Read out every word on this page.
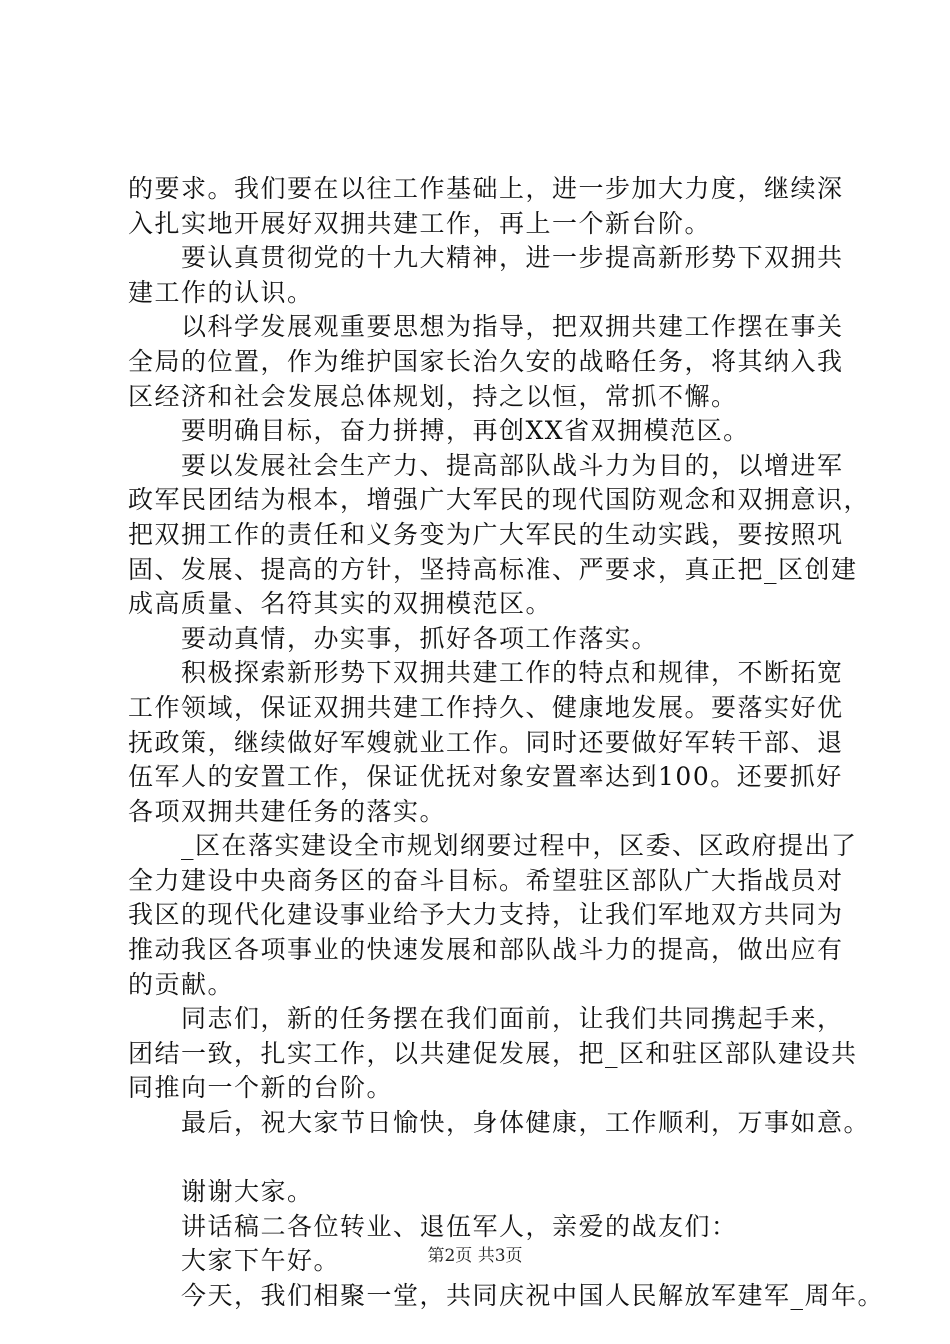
的要求。我们要在以往工作基础上，进一步加大力度，继续深
入扎实地开展好双拥共建工作，再上一个新台阶。
要认真贯彻党的十九大精神，进一步提高新形势下双拥共
建工作的认识。
以科学发展观重要思想为指导，把双拥共建工作摆在事关
全局的位置，作为维护国家长治久安的战略任务，将其纳入我
区经济和社会发展总体规划，持之以恒，常抓不懈。
要明确目标，奋力拼搏，再创XX省双拥模范区。
要以发展社会生产力、提高部队战斗力为目的，以增进军
政军民团结为根本，增强广大军民的现代国防观念和双拥意识，
把双拥工作的责任和义务变为广大军民的生动实践，要按照巩
固、发展、提高的方针，坚持高标准、严要求，真正把_区创建
成高质量、名符其实的双拥模范区。
要动真情，办实事，抓好各项工作落实。
积极探索新形势下双拥共建工作的特点和规律，不断拓宽
工作领域，保证双拥共建工作持久、健康地发展。要落实好优
抚政策，继续做好军嫂就业工作。同时还要做好军转干部、退
伍军人的安置工作，保证优抚对象安置率达到100。还要抓好
各项双拥共建任务的落实。
_区在落实建设全市规划纲要过程中，区委、区政府提出了
全力建设中央商务区的奋斗目标。希望驻区部队广大指战员对
我区的现代化建设事业给予大力支持，让我们军地双方共同为
推动我区各项事业的快速发展和部队战斗力的提高，做出应有
的贡献。
同志们，新的任务摆在我们面前，让我们共同携起手来，
团结一致，扎实工作，以共建促发展，把_区和驻区部队建设共
同推向一个新的台阶。
最后，祝大家节日愉快，身体健康，工作顺利，万事如意。
谢谢大家。
讲话稿二各位转业、退伍军人，亲爱的战友们：
大家下午好。
今天，我们相聚一堂，共同庆祝中国人民解放军建军_周年。
第2页 共3页
